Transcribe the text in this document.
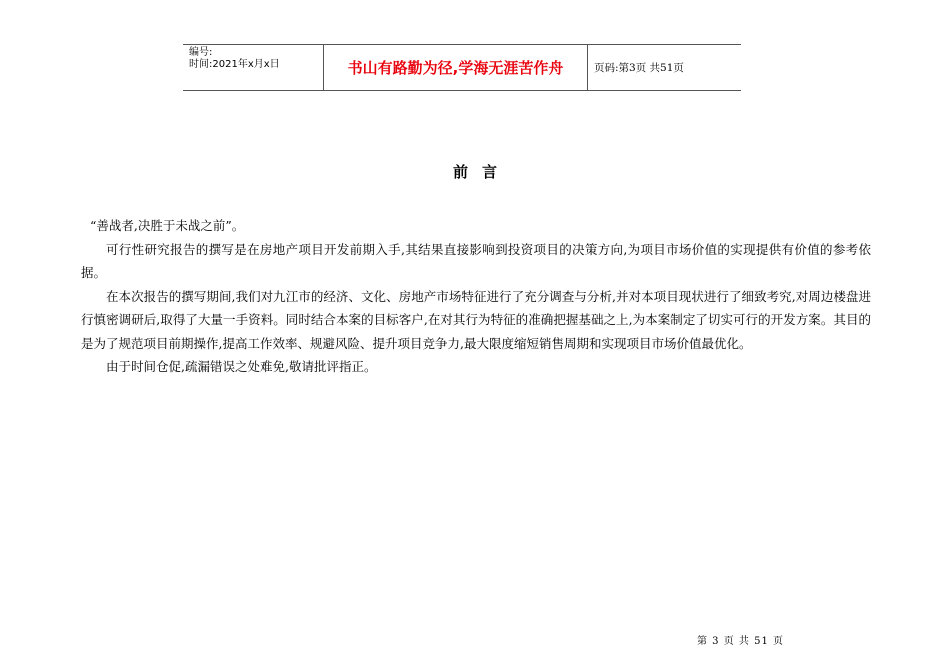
编号:
时间:2021年x月x日	书山有路勤为径,学海无涯苦作舟	页码:第3页 共51页
前言

“善战者,决胜于未战之前”。

可行性研究报告的撰写是在房地产项目开发前期入手,其结果直接影响到投资项目的决策方向,为项目市场价值的实现提供有价值的参考依据。

在本次报告的撰写期间,我们对九江市的经济、文化、房地产市场特征进行了充分调查与分析,并对本项目现状进行了细致考究,对周边楼盘进行慎密调研后,取得了大量一手资料。同时结合本案的目标客户,在对其行为特征的准确把握基础之上,为本案制定了切实可行的开发方案。其目的是为了规范项目前期操作,提高工作效率、规避风险、提升项目竞争力,最大限度缩短销售周期和实现项目市场价值最优化。

由于时间仓促,疏漏错误之处难免,敬请批评指正。

第 3 页 共 51 页
